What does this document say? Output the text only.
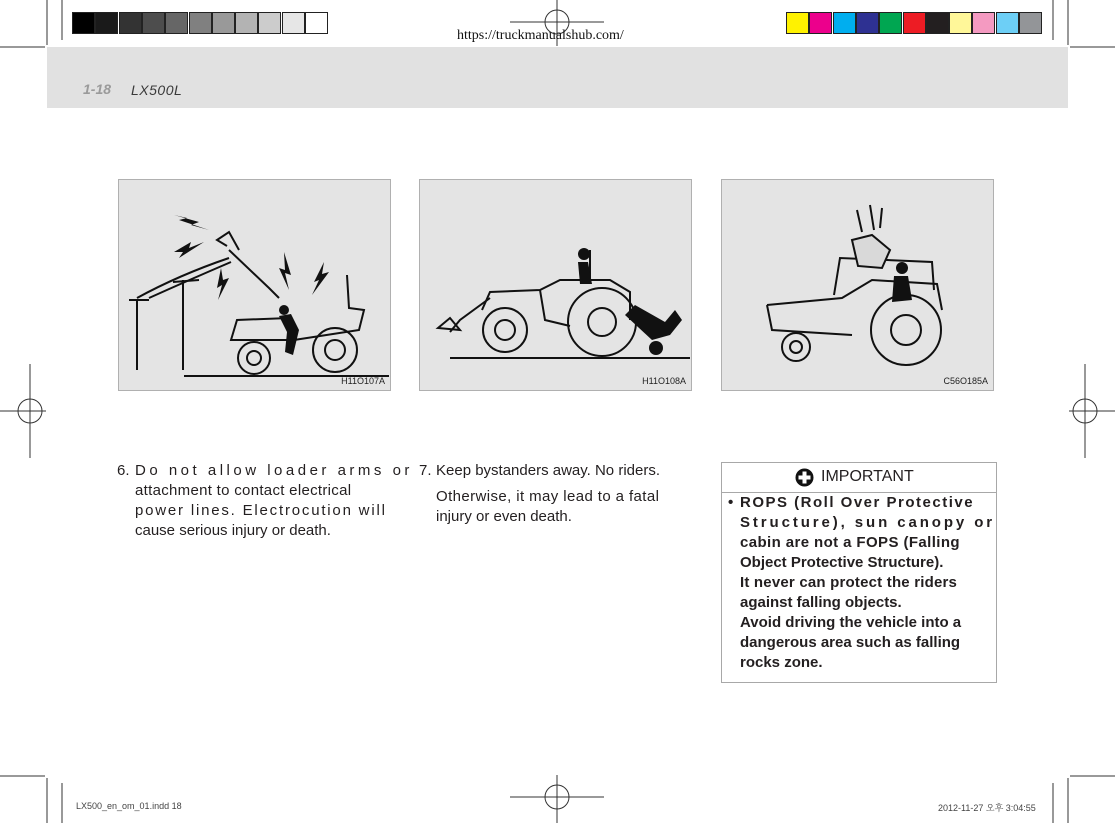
https://truckmanualshub.com/
1-18 LX500L
H11O107A	H11O108A	C56O185A
6. Do not allow loader arms or

attachment to contact electrical

power lines. Electrocution will

cause serious injury or death.

7. Keep bystanders away. No riders.

Otherwise, it may lead to a fatal

injury or even death.

IMPORTANT
• ROPS (Roll Over Protective
Structure), sun canopy or
cabin are not a FOPS (Falling
Object Protective Structure).
It never can protect the riders
against falling objects.
Avoid driving the vehicle into a
dangerous area such as falling
rocks zone.
LX500_en_om_01.indd 18	2012-11-27 오후 3:04:55
